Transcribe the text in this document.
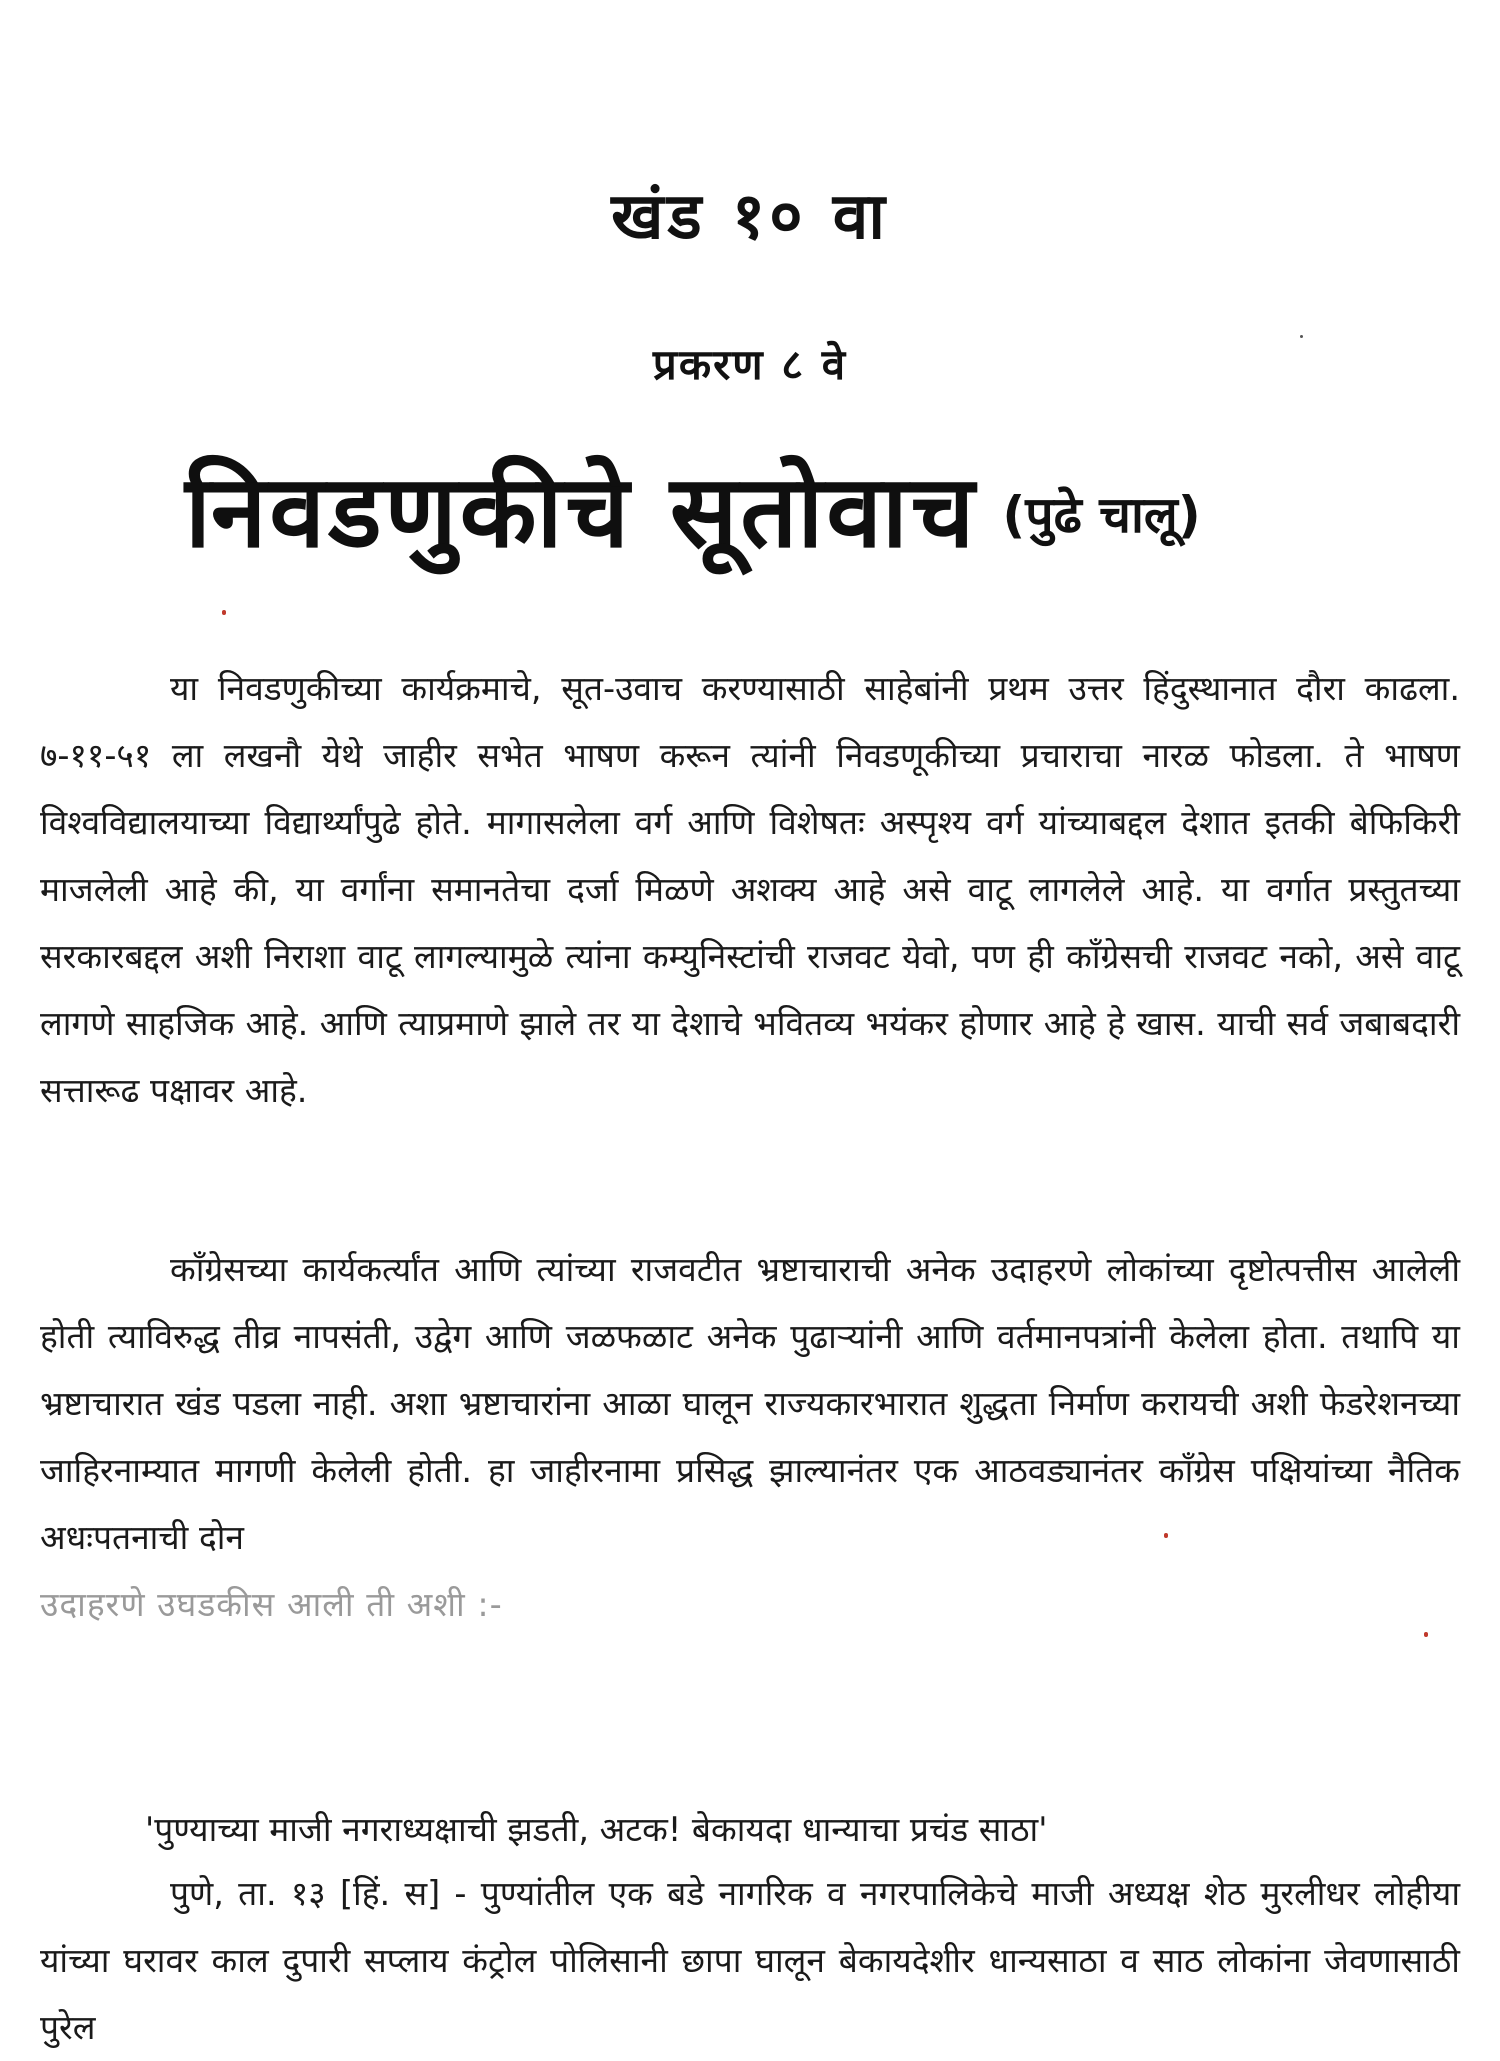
खंड १० वा
प्रकरण ८ वे
निवडणुकीचे सूतोवाच (पुढे चालू)

या निवडणुकीच्या कार्यक्रमाचे, सूत-उवाच करण्यासाठी साहेबांनी प्रथम उत्तर हिंदुस्थानात दौरा काढला. ७-११-५१ ला लखनौ येथे जाहीर सभेत भाषण करून त्यांनी निवडणूकीच्या प्रचाराचा नारळ फोडला. ते भाषण विश्वविद्यालयाच्या विद्यार्थ्यांपुढे होते. मागासलेला वर्ग आणि विशेषतः अस्पृश्य वर्ग यांच्याबद्दल देशात इतकी बेफिकिरी माजलेली आहे की, या वर्गांना समानतेचा दर्जा मिळणे अशक्य आहे असे वाटू लागलेले आहे. या वर्गात प्रस्तुतच्या सरकारबद्दल अशी निराशा वाटू लागल्यामुळे त्यांना कम्युनिस्टांची राजवट येवो, पण ही कॉंग्रेसची राजवट नको, असे वाटू लागणे साहजिक आहे. आणि त्याप्रमाणे झाले तर या देशाचे भवितव्य भयंकर होणार आहे हे खास. याची सर्व जबाबदारी सत्तारूढ पक्षावर आहे.

कॉंग्रेसच्या कार्यकर्त्यांत आणि त्यांच्या राजवटीत भ्रष्टाचाराची अनेक उदाहरणे लोकांच्या दृष्टोत्पत्तीस आलेली होती त्याविरुद्ध तीव्र नापसंती, उद्वेग आणि जळफळाट अनेक पुढाऱ्यांनी आणि वर्तमानपत्रांनी केलेला होता. तथापि या भ्रष्टाचारात खंड पडला नाही. अशा भ्रष्टाचारांना आळा घालून राज्यकारभारात शुद्धता निर्माण करायची अशी फेडरेशनच्या जाहिरनाम्यात मागणी केलेली होती. हा जाहीरनामा प्रसिद्ध झाल्यानंतर एक आठवड्यानंतर कॉंग्रेस पक्षियांच्या नैतिक अधःपतनाची दोन
उदाहरणे उघडकीस आली ती अशी :-

'पुण्याच्या माजी नगराध्यक्षाची झडती, अटक! बेकायदा धान्याचा प्रचंड साठा'

पुणे, ता. १३ [हिं. स] - पुण्यांतील एक बडे नागरिक व नगरपालिकेचे माजी अध्यक्ष शेठ मुरलीधर लोहीया यांच्या घरावर काल दुपारी सप्लाय कंट्रोल पोलिसानी छापा घालून बेकायदेशीर धान्यसाठा व साठ लोकांना जेवणासाठी पुरेल
